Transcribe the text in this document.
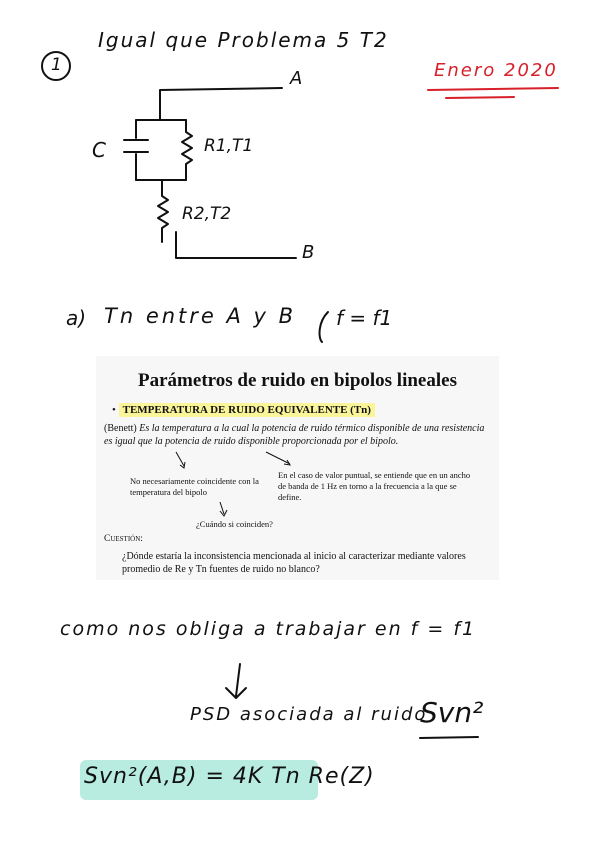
1
Igual que Problema 5 T2
Enero 2020
A
B
C	R1,T1
R2,T2
a) Tn entre A y B f = f1
Parámetros de ruido en bipolos lineales
• TEMPERATURA DE RUIDO EQUIVALENTE (Tn)
(Benett) Es la temperatura a la cual la potencia de ruido térmico disponible de una resistencia es igual que la potencia de ruido disponible proporcionada por el bipolo.
No necesariamente coincidente con la temperatura del bipolo
En el caso de valor puntual, se entiende que en un ancho de banda de 1 Hz en torno a la frecuencia a la que se define.
¿Cuándo si coinciden?
Cuestión:
¿Dónde estaría la inconsistencia mencionada al inicio al caracterizar mediante valores promedio de Re y Tn fuentes de ruido no blanco?
como nos obliga a trabajar en f = f1
PSD asociada al ruido
Svn²
Svn²(A,B) = 4K Tn Re(Z)
